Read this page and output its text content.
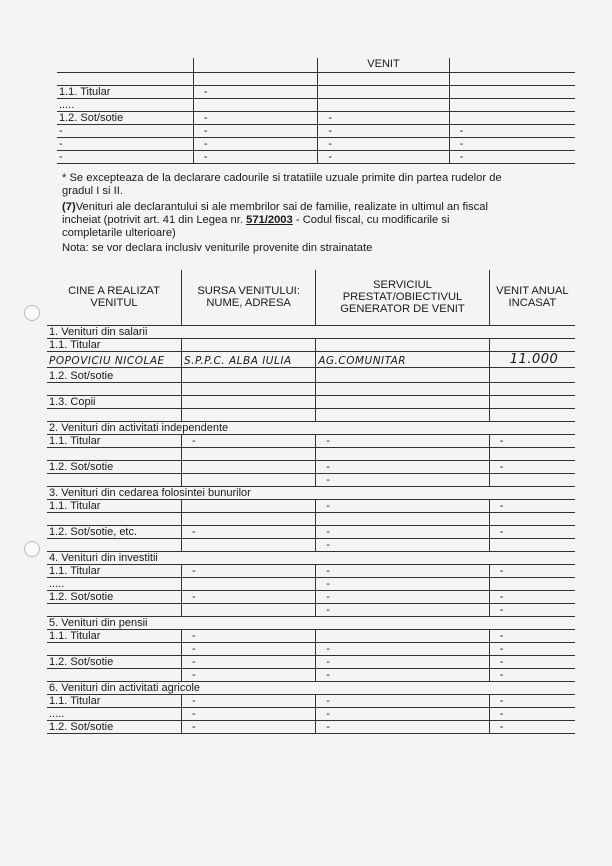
		VENIT	

1.1. Titular	-		
.....			
1.2. Sot/sotie	-	-	
-	-	-	-
-	-	-	-
-	-	-	-

* Se excepteaza de la declarare cadourile si tratatiile uzuale primite din partea rudelor de gradul I si II.

(7)Venituri ale declarantului si ale membrilor sai de familie, realizate in ultimul an fiscal incheiat (potrivit art. 41 din Legea nr. 571/2003 - Codul fiscal, cu modificarile si completarile ulterioare)

Nota: se vor declara inclusiv veniturile provenite din strainatate

CINE A REALIZAT VENITUL	SURSA VENITULUI: NUME, ADRESA	SERVICIUL PRESTAT/OBIECTIVUL GENERATOR DE VENIT	VENIT ANUAL INCASAT
1. Venituri din salarii			
1.1. Titular			
POPOVICIU NICOLAE	S.P.P.C. ALBA IULIA	AG.COMUNITAR	11.000
1.2. Sot/sotie			

1.3. Copii			

2. Venituri din activitati independente			
1.1. Titular	-	-	-

1.2. Sot/sotie		-	-
		-	
3. Venituri din cedarea folosintei bunurilor			
1.1. Titular		-	-

1.2. Sot/sotie, etc.	-	-	-
		-	
4. Venituri din investitii			
1.1. Titular	-	-	-
.....		-	
1.2. Sot/sotie	-	-	-
		-	-
5. Venituri din pensii			
1.1. Titular	-		-
	-	-	-
1.2. Sot/sotie	-	-	-
	-	-	-
6. Venituri din activitati agricole			
1.1. Titular	-	-	-
.....	-	-	-
1.2. Sot/sotie	-	-	-
